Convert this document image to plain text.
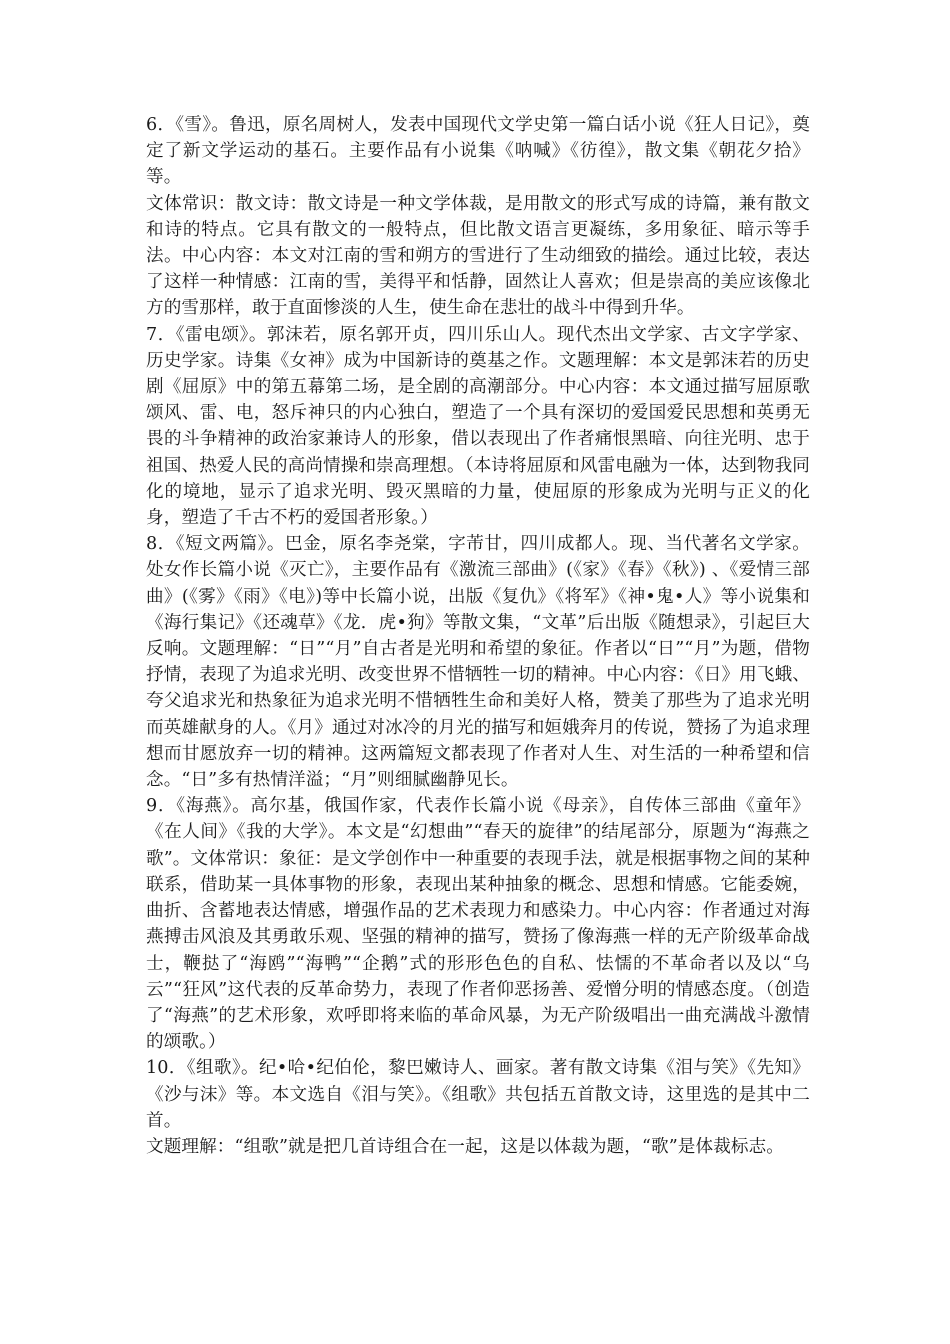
6．《雪》。鲁迅，原名周树人，发表中国现代文学史第一篇白话小说《狂人日记》，奠定了新文学运动的基石。主要作品有小说集《呐喊》《彷徨》，散文集《朝花夕拾》等。

文体常识：散文诗：散文诗是一种文学体裁，是用散文的形式写成的诗篇，兼有散文和诗的特点。它具有散文的一般特点，但比散文语言更凝练，多用象征、暗示等手法。中心内容：本文对江南的雪和朔方的雪进行了生动细致的描绘。通过比较，表达了这样一种情感：江南的雪，美得平和恬静，固然让人喜欢；但是崇高的美应该像北方的雪那样，敢于直面惨淡的人生，使生命在悲壮的战斗中得到升华。

7．《雷电颂》。郭沫若，原名郭开贞，四川乐山人。现代杰出文学家、古文字学家、历史学家。诗集《女神》成为中国新诗的奠基之作。文题理解：本文是郭沫若的历史剧《屈原》中的第五幕第二场，是全剧的高潮部分。中心内容：本文通过描写屈原歌颂风、雷、电，怒斥神只的内心独白，塑造了一个具有深切的爱国爱民思想和英勇无畏的斗争精神的政治家兼诗人的形象，借以表现出了作者痛恨黑暗、向往光明、忠于祖国、热爱人民的高尚情操和崇高理想。（本诗将屈原和风雷电融为一体，达到物我同化的境地，显示了追求光明、毁灭黑暗的力量，使屈原的形象成为光明与正义的化身，塑造了千古不朽的爱国者形象。）

8．《短文两篇》。巴金，原名李尧棠，字芾甘，四川成都人。现、当代著名文学家。处女作长篇小说《灭亡》，主要作品有《激流三部曲》(《家》《春》《秋》) 、《爱情三部曲》(《雾》《雨》《电》)等中长篇小说，出版《复仇》《将军》《神•鬼•人》等小说集和《海行集记》《还魂草》《龙．虎•狗》等散文集，“文革”后出版《随想录》，引起巨大反响。文题理解：“日”“月”自古者是光明和希望的象征。作者以“日”“月”为题，借物抒情，表现了为追求光明、改变世界不惜牺牲一切的精神。中心内容：《日》用飞蛾、夸父追求光和热象征为追求光明不惜牺牲生命和美好人格，赞美了那些为了追求光明而英雄献身的人。《月》通过对冰冷的月光的描写和姮娥奔月的传说，赞扬了为追求理想而甘愿放弃一切的精神。这两篇短文都表现了作者对人生、对生活的一种希望和信念。“日”多有热情洋溢；“月”则细腻幽静见长。

9．《海燕》。高尔基，俄国作家，代表作长篇小说《母亲》，自传体三部曲《童年》《在人间》《我的大学》。本文是“幻想曲”“春天的旋律”的结尾部分，原题为“海燕之歌”。文体常识：象征：是文学创作中一种重要的表现手法，就是根据事物之间的某种联系，借助某一具体事物的形象，表现出某种抽象的概念、思想和情感。它能委婉，曲折、含蓄地表达情感，增强作品的艺术表现力和感染力。中心内容：作者通过对海燕搏击风浪及其勇敢乐观、坚强的精神的描写，赞扬了像海燕一样的无产阶级革命战士，鞭挞了“海鸥”“海鸭”“企鹅”式的形形色色的自私、怯懦的不革命者以及以“乌云”“狂风”这代表的反革命势力，表现了作者仰恶扬善、爱憎分明的情感态度。（创造了“海燕”的艺术形象，欢呼即将来临的革命风暴，为无产阶级唱出一曲充满战斗激情的颂歌。）

10．《组歌》。纪•哈•纪伯伦，黎巴嫩诗人、画家。著有散文诗集《泪与笑》《先知》《沙与沫》等。本文选自《泪与笑》。《组歌》共包括五首散文诗，这里选的是其中二首。

文题理解：“组歌”就是把几首诗组合在一起，这是以体裁为题，“歌”是体裁标志。
